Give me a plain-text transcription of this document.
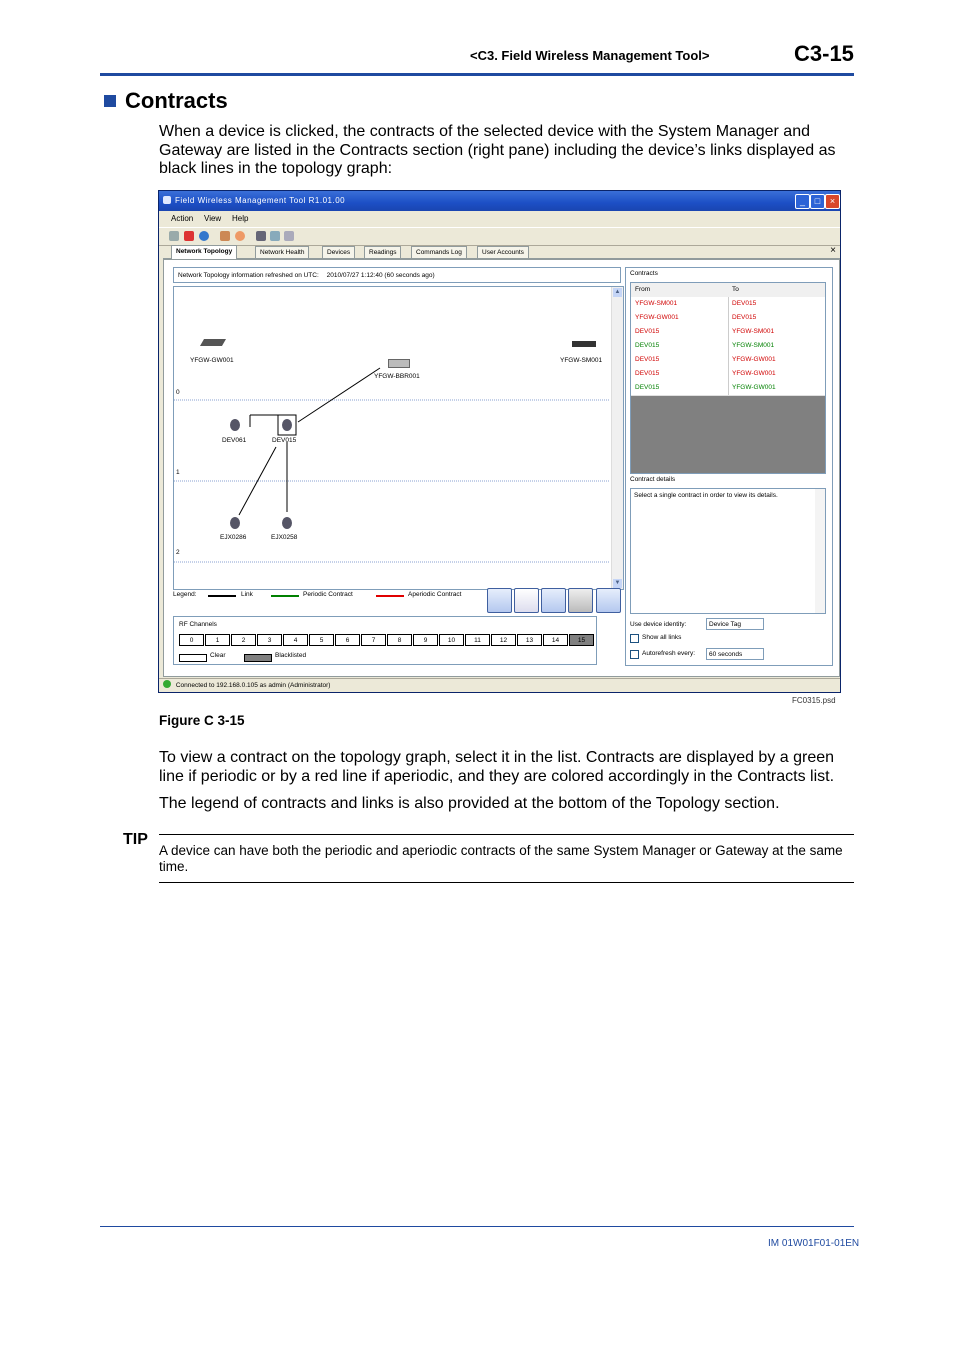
<C3. Field Wireless Management Tool>	C3-15
Contracts
When a device is clicked, the contracts of the selected device with the System Manager and Gateway are listed in the Contracts section (right pane) including the device’s links displayed as black lines in the topology graph:
Field Wireless Management Tool R1.01.00	_	□	×
Action View Help
Network Topology	Network Health	Devices	Readings	Commands Log	User Accounts	×
Network Topology information refreshed on UTC: 2010/07/27 1:12:40 (60 seconds ago)
YFGW-GW001	YFGW-SM001
YFGW-BBR001
DEV061	DEV015
EJX0286	EJX0258
0
1
2
▲
▼
Legend:	Link	Periodic Contract	Aperiodic Contract
RF Channels
0	1	2	3	4	5	6	7	8	9	10	11	12	13	14	15
Clear	Blacklisted
Contracts
From	To
YFGW-SM001	DEV015
YFGW-GW001	DEV015
DEV015	YFGW-SM001
DEV015	YFGW-SM001
DEV015	YFGW-GW001
DEV015	YFGW-GW001
DEV015	YFGW-GW001
Contract details
Select a single contract in order to view its details.
Use device identity:	Device Tag
Show all links
Autorefresh every:	60 seconds
Connected to 192.168.0.105 as admin (Administrator)
FC0315.psd
Figure C 3-15
To view a contract on the topology graph, select it in the list. Contracts are displayed by a green line if periodic or by a red line if aperiodic, and they are colored accordingly in the Contracts list.
The legend of contracts and links is also provided at the bottom of the Topology section.
TIP
A device can have both the periodic and aperiodic contracts of the same System Manager or Gateway at the same time.
IM 01W01F01-01EN
